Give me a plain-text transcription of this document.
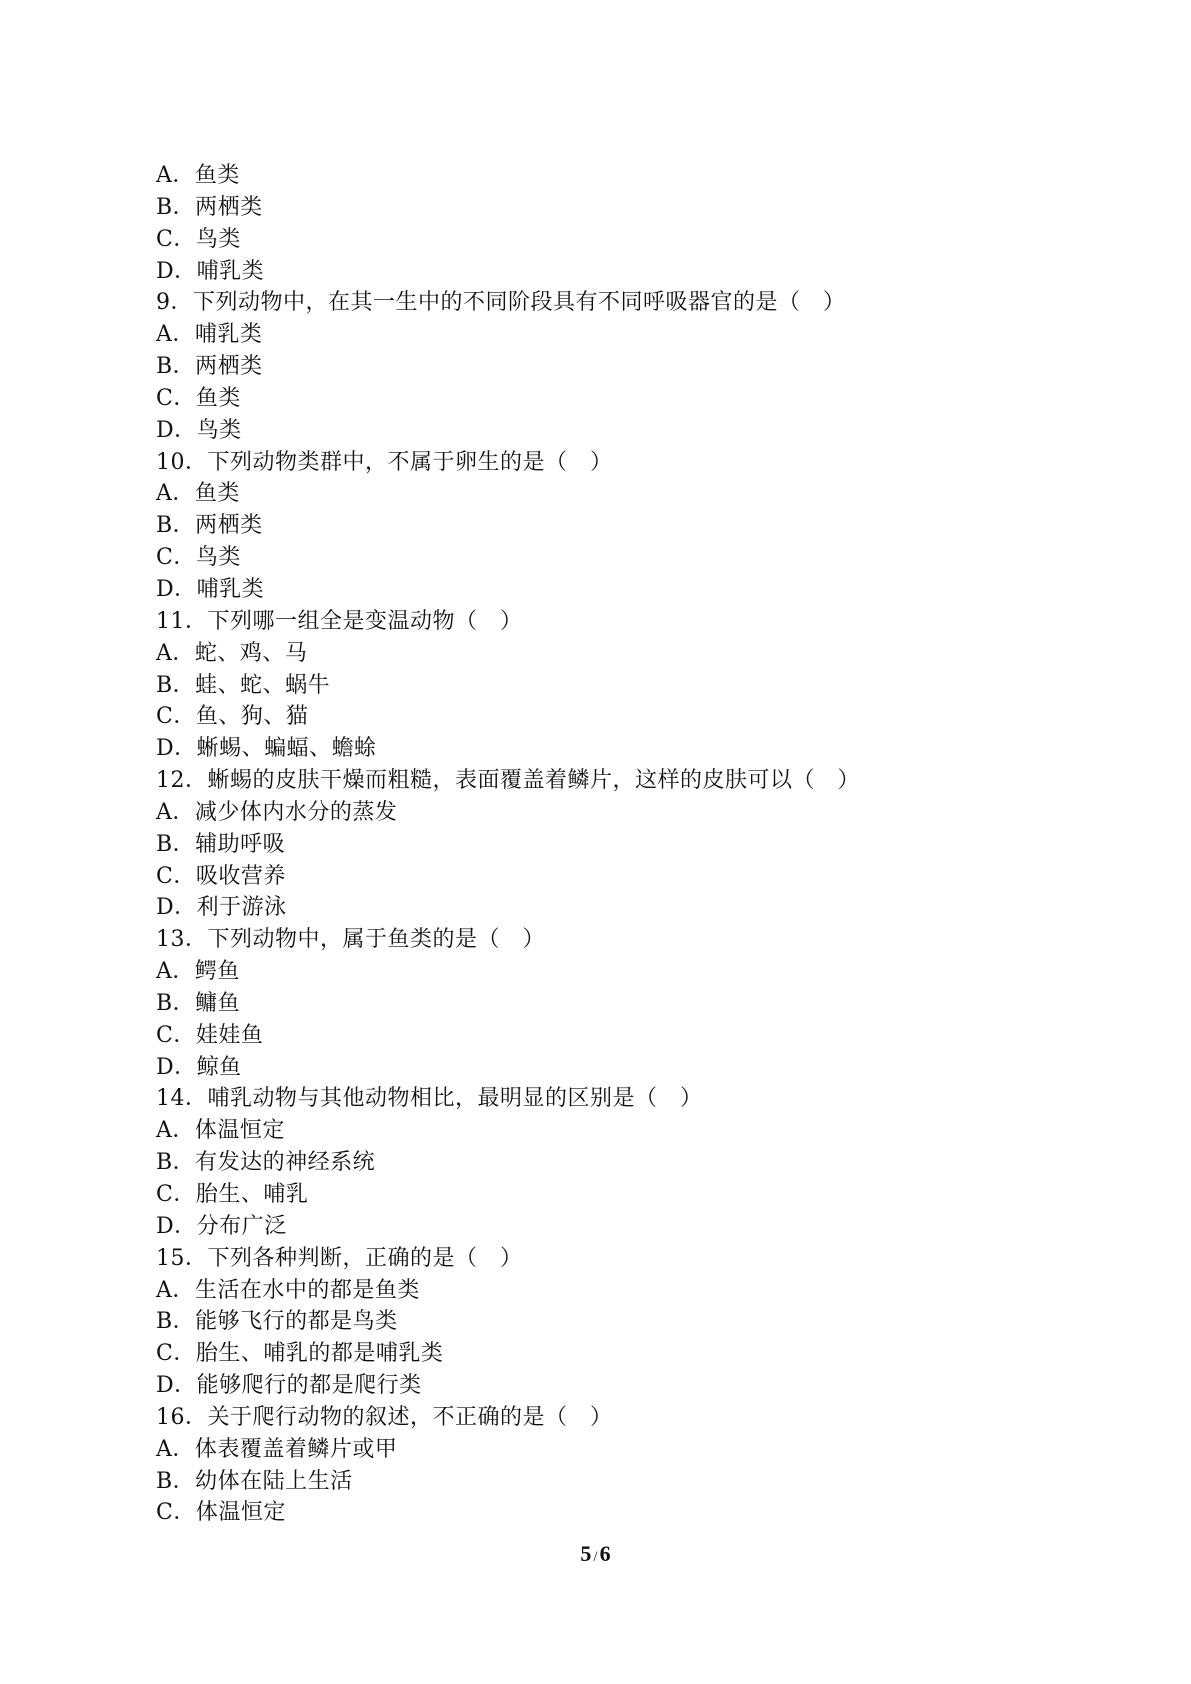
A．鱼类
B．两栖类
C．鸟类
D．哺乳类
9．下列动物中，在其一生中的不同阶段具有不同呼吸器官的是（　）
A．哺乳类
B．两栖类
C．鱼类
D．鸟类
10．下列动物类群中，不属于卵生的是（　）
A．鱼类
B．两栖类
C．鸟类
D．哺乳类
11．下列哪一组全是变温动物（　）
A．蛇、鸡、马
B．蛙、蛇、蜗牛
C．鱼、狗、猫
D．蜥蜴、蝙蝠、蟾蜍
12．蜥蜴的皮肤干燥而粗糙，表面覆盖着鳞片，这样的皮肤可以（　）
A．减少体内水分的蒸发
B．辅助呼吸
C．吸收营养
D．利于游泳
13．下列动物中，属于鱼类的是（　）
A．鳄鱼
B．鳙鱼
C．娃娃鱼
D．鲸鱼
14．哺乳动物与其他动物相比，最明显的区别是（　）
A．体温恒定
B．有发达的神经系统
C．胎生、哺乳
D．分布广泛
15．下列各种判断，正确的是（　）
A．生活在水中的都是鱼类
B．能够飞行的都是鸟类
C．胎生、哺乳的都是哺乳类
D．能够爬行的都是爬行类
16．关于爬行动物的叙述，不正确的是（　）
A．体表覆盖着鳞片或甲
B．幼体在陆上生活
C．体温恒定
5 /6
